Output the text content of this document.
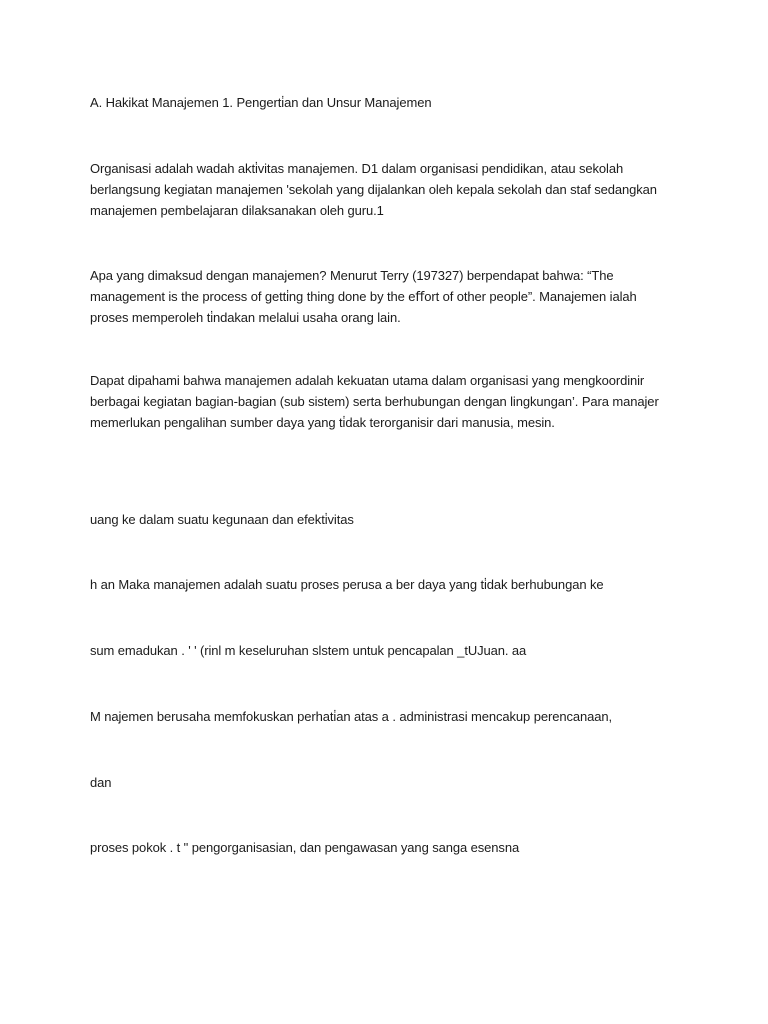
A. Hakikat Manajemen 1. Pengerti̇an dan Unsur Manajemen

Organisasi adalah wadah akti̇vitas manajemen. D1 dalam organisasi pendidikan, atau sekolah
berlangsung kegiatan manajemen 'sekolah yang dijalankan oleh kepala sekolah dan staf sedangkan
manajemen pembelajaran dilaksanakan oleh guru.1

Apa yang dimaksud dengan manajemen? Menurut Terry (197327) berpendapat bahwa: “The
management is the process of getti̇ng thing done by the eﬀort of other people”. Manajemen ialah
proses memperoleh ti̇ndakan melalui usaha orang lain.

Dapat dipahami bahwa manajemen adalah kekuatan utama dalam organisasi yang mengkoordinir
berbagai kegiatan bagian-bagian (sub sistem) serta berhubungan dengan lingkungan’. Para manajer
memerlukan pengalihan sumber daya yang ti̇dak terorganisir dari manusia, mesin.

uang ke dalam suatu kegunaan dan efekti̇vitas

h an Maka manajemen adalah suatu proses perusa a ber daya yang ti̇dak berhubungan ke

sum emadukan . ' ' (rinl m keseluruhan slstem untuk pencapalan _tUJuan. aa

M najemen berusaha memfokuskan perhati̇an atas a . administrasi mencakup perencanaan,

dan

proses pokok . t " pengorganisasian, dan pengawasan yang sanga esensna
